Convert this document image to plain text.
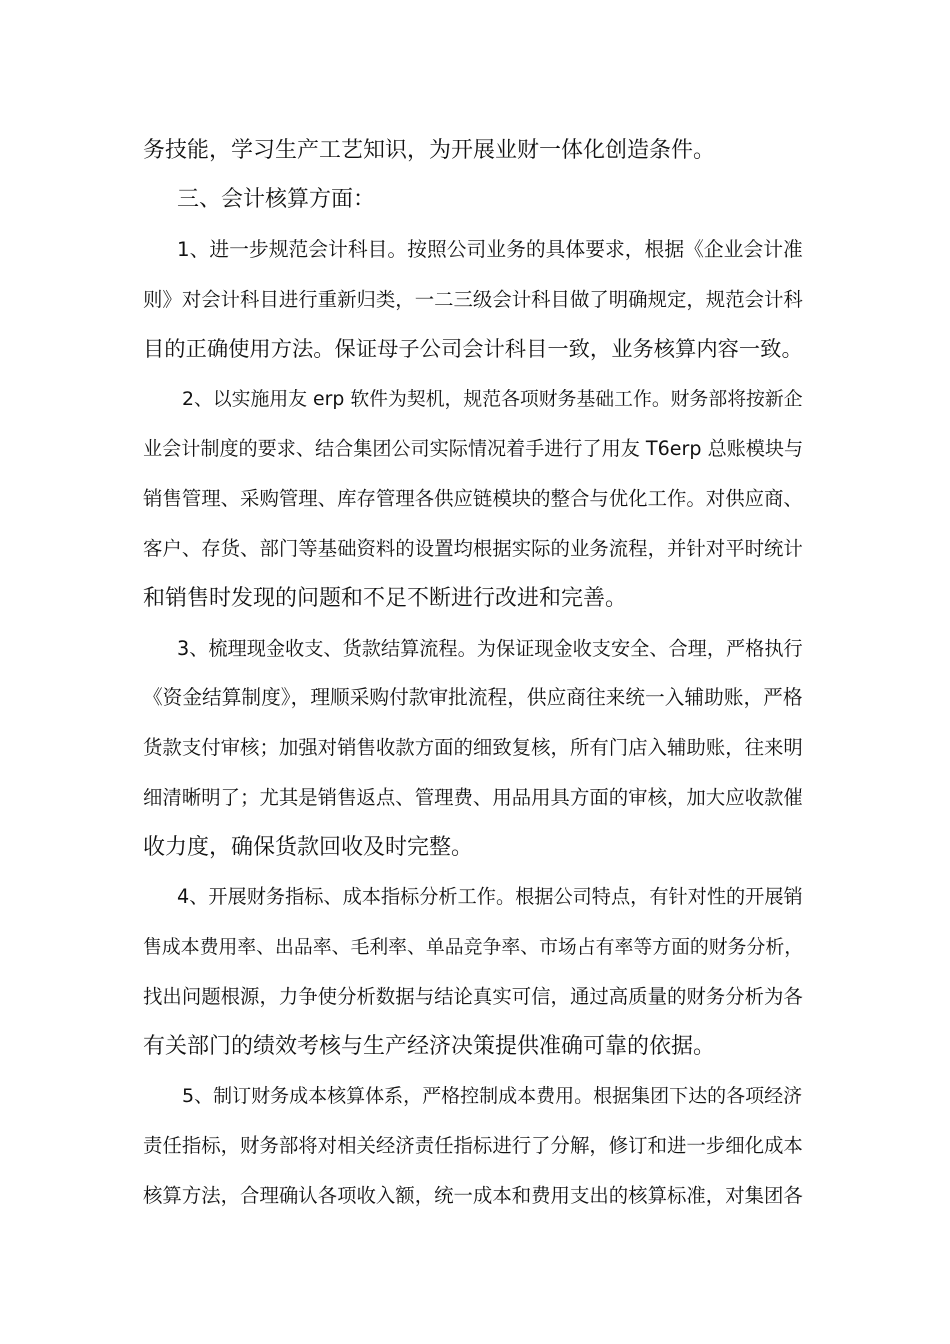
务技能，学习生产工艺知识，为开展业财一体化创造条件。
三、会计核算方面：
1、进一步规范会计科目。按照公司业务的具体要求，根据《企业会计准
则》对会计科目进行重新归类，一二三级会计科目做了明确规定，规范会计科
目的正确使用方法。保证母子公司会计科目一致，业务核算内容一致。
2、以实施用友 erp 软件为契机，规范各项财务基础工作。财务部将按新企
业会计制度的要求、结合集团公司实际情况着手进行了用友 T6erp 总账模块与
销售管理、采购管理、库存管理各供应链模块的整合与优化工作。对供应商、
客户、存货、部门等基础资料的设置均根据实际的业务流程，并针对平时统计
和销售时发现的问题和不足不断进行改进和完善。
3、梳理现金收支、货款结算流程。为保证现金收支安全、合理，严格执行
《资金结算制度》，理顺采购付款审批流程，供应商往来统一入辅助账，严格
货款支付审核；加强对销售收款方面的细致复核，所有门店入辅助账，往来明
细清晰明了；尤其是销售返点、管理费、用品用具方面的审核，加大应收款催
收力度，确保货款回收及时完整。
4、开展财务指标、成本指标分析工作。根据公司特点，有针对性的开展销
售成本费用率、出品率、毛利率、单品竞争率、市场占有率等方面的财务分析，
找出问题根源，力争使分析数据与结论真实可信，通过高质量的财务分析为各
有关部门的绩效考核与生产经济决策提供准确可靠的依据。
5、制订财务成本核算体系，严格控制成本费用。根据集团下达的各项经济
责任指标，财务部将对相关经济责任指标进行了分解，修订和进一步细化成本
核算方法，合理确认各项收入额，统一成本和费用支出的核算标准，对集团各
